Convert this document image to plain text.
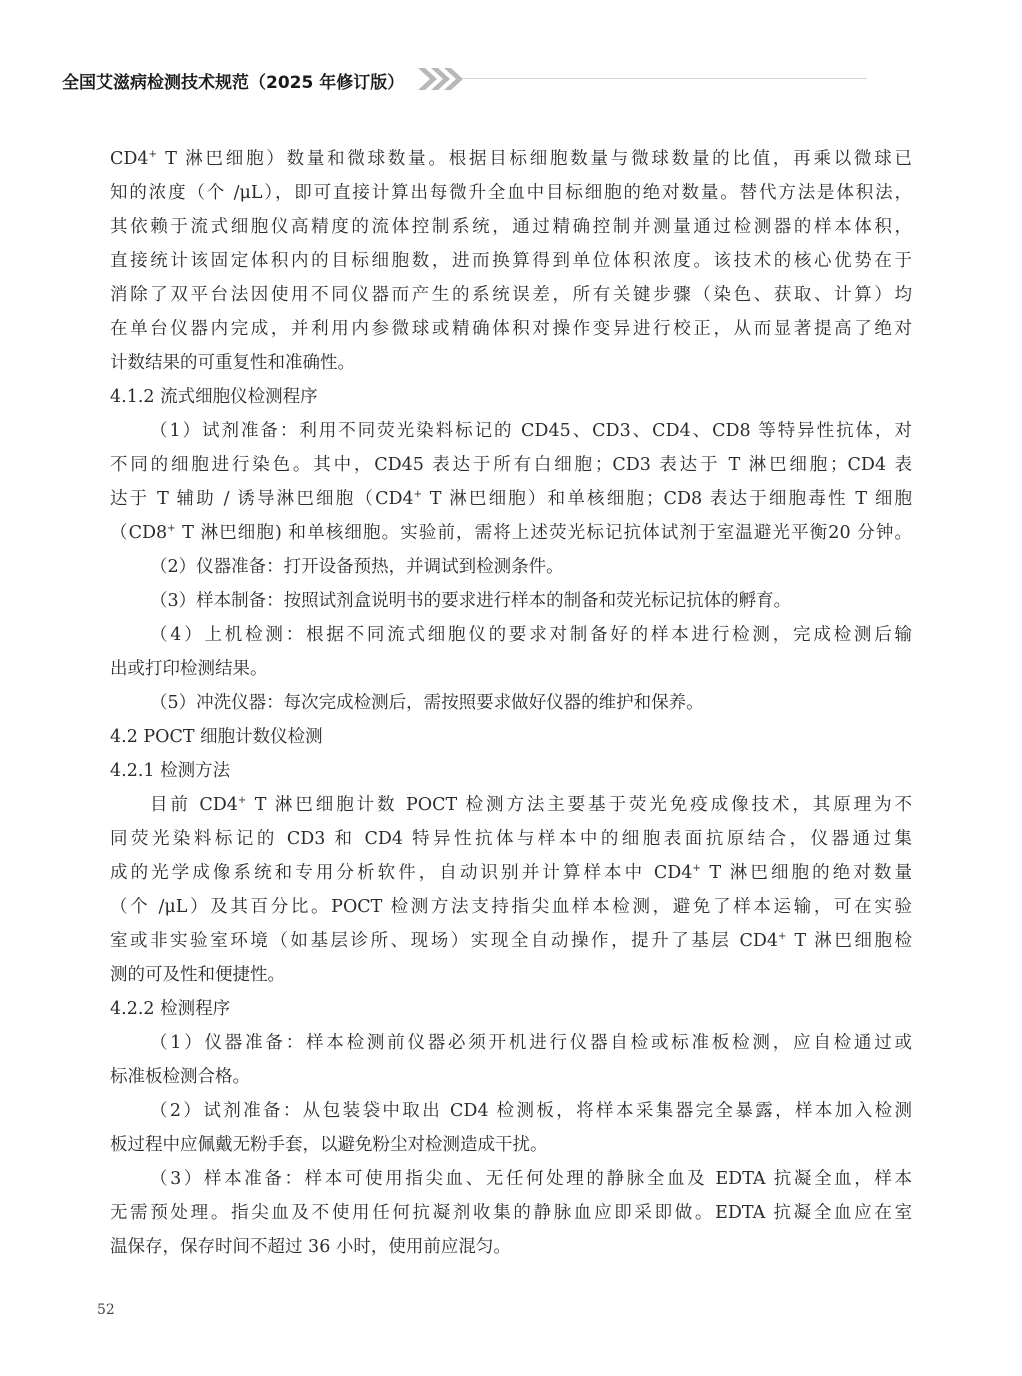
全国艾滋病检测技术规范（2025 年修订版）
CD4+ T 淋巴细胞）数量和微球数量。根据目标细胞数量与微球数量的比值，再乘以微球已
知的浓度（个 /μL），即可直接计算出每微升全血中目标细胞的绝对数量。替代方法是体积法，
其依赖于流式细胞仪高精度的流体控制系统，通过精确控制并测量通过检测器的样本体积，
直接统计该固定体积内的目标细胞数，进而换算得到单位体积浓度。该技术的核心优势在于
消除了双平台法因使用不同仪器而产生的系统误差，所有关键步骤（染色、获取、计算）均
在单台仪器内完成，并利用内参微球或精确体积对操作变异进行校正，从而显著提高了绝对
计数结果的可重复性和准确性。
4.1.2 流式细胞仪检测程序
（1）试剂准备：利用不同荧光染料标记的 CD45、CD3、CD4、CD8 等特异性抗体，对
不同的细胞进行染色。其中，CD45 表达于所有白细胞；CD3 表达于 T 淋巴细胞；CD4 表
达于 T 辅助 / 诱导淋巴细胞（CD4+ T 淋巴细胞）和单核细胞；CD8 表达于细胞毒性 T 细胞
（CD8+ T 淋巴细胞) 和单核细胞。实验前，需将上述荧光标记抗体试剂于室温避光平衡20 分钟。
（2）仪器准备：打开设备预热，并调试到检测条件。
（3）样本制备：按照试剂盒说明书的要求进行样本的制备和荧光标记抗体的孵育。
（4）上机检测：根据不同流式细胞仪的要求对制备好的样本进行检测，完成检测后输
出或打印检测结果。
（5）冲洗仪器：每次完成检测后，需按照要求做好仪器的维护和保养。
4.2 POCT 细胞计数仪检测
4.2.1 检测方法
目前 CD4+ T 淋巴细胞计数 POCT 检测方法主要基于荧光免疫成像技术，其原理为不
同荧光染料标记的 CD3 和 CD4 特异性抗体与样本中的细胞表面抗原结合，仪器通过集
成的光学成像系统和专用分析软件，自动识别并计算样本中 CD4+ T 淋巴细胞的绝对数量
（个 /μL）及其百分比。POCT 检测方法支持指尖血样本检测，避免了样本运输，可在实验
室或非实验室环境（如基层诊所、现场）实现全自动操作，提升了基层 CD4+ T 淋巴细胞检
测的可及性和便捷性。
4.2.2 检测程序
（1）仪器准备：样本检测前仪器必须开机进行仪器自检或标准板检测，应自检通过或
标准板检测合格。
（2）试剂准备：从包装袋中取出 CD4 检测板，将样本采集器完全暴露，样本加入检测
板过程中应佩戴无粉手套，以避免粉尘对检测造成干扰。
（3）样本准备：样本可使用指尖血、无任何处理的静脉全血及 EDTA 抗凝全血，样本
无需预处理。指尖血及不使用任何抗凝剂收集的静脉血应即采即做。EDTA 抗凝全血应在室
温保存，保存时间不超过 36 小时，使用前应混匀。
52
